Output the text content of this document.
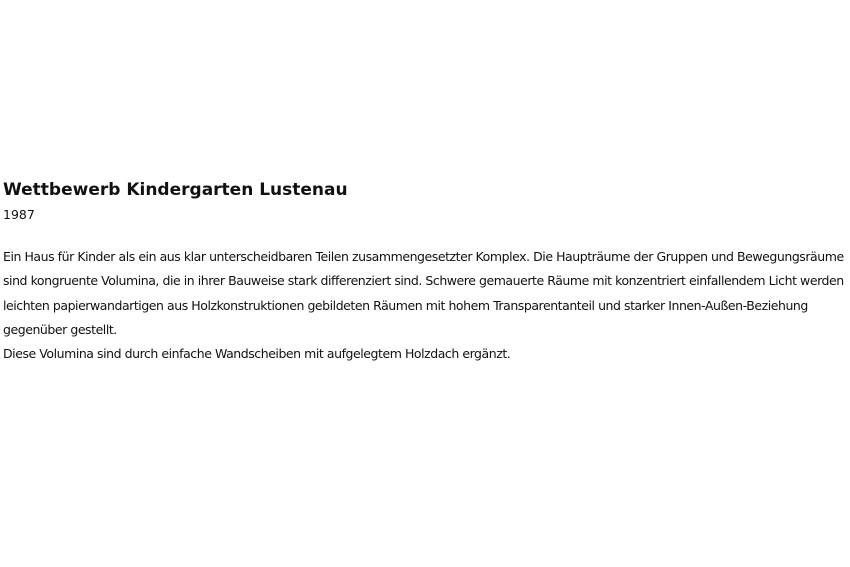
Wettbewerb Kindergarten Lustenau

1987

Ein Haus für Kinder als ein aus klar unterscheidbaren Teilen zusammengesetzter Komplex. Die Haupträume der Gruppen und Bewegungsräume sind kongruente Volumina, die in ihrer Bauweise stark differenziert sind. Schwere gemauerte Räume mit konzentriert einfallendem Licht werden leichten papierwandartigen aus Holzkonstruktionen gebildeten Räumen mit hohem Transparentanteil und starker Innen-Außen-Beziehung gegenüber gestellt.
Diese Volumina sind durch einfache Wandscheiben mit aufgelegtem Holzdach ergänzt.
